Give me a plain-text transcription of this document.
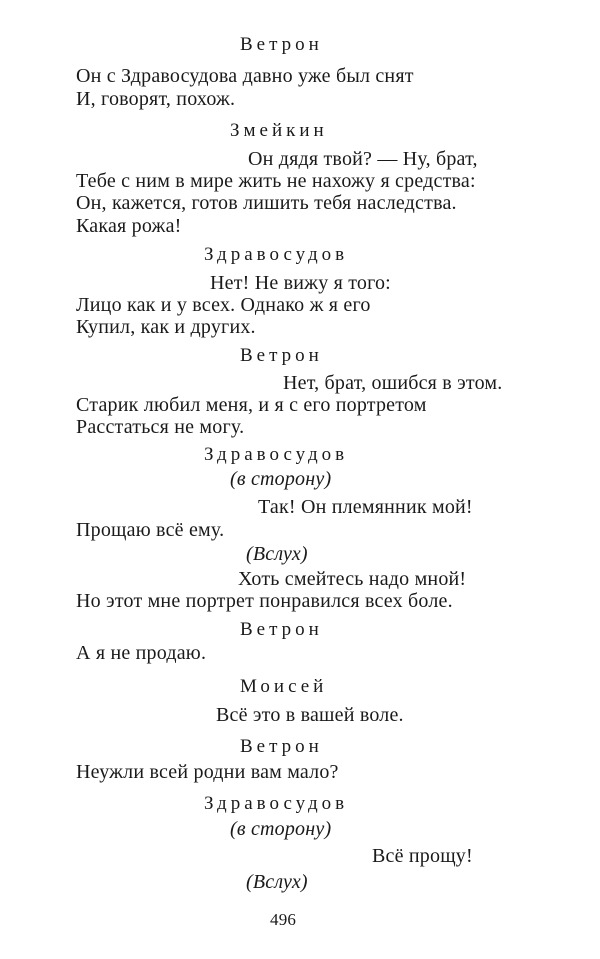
Ветрон
Он с Здравосудова давно уже был снят
И, говорят, похож.
Змейкин
Он дядя твой? — Ну, брат,
Тебе с ним в мире жить не нахожу я средства:
Он, кажется, готов лишить тебя наследства.
Какая рожа!
Здравосудов
Нет! Не вижу я того:
Лицо как и у всех. Однако ж я его
Купил, как и других.
Ветрон
Нет, брат, ошибся в этом.
Старик любил меня, и я с его портретом
Расстаться не могу.
Здравосудов
(в сторону)
Так! Он племянник мой!
Прощаю всё ему.
(Вслух)
Хоть смейтесь надо мной!
Но этот мне портрет понравился всех боле.
Ветрон
А я не продаю.
Моисей
Всё это в вашей воле.
Ветрон
Неужли всей родни вам мало?
Здравосудов
(в сторону)
Всё прощу!
(Вслух)
496
